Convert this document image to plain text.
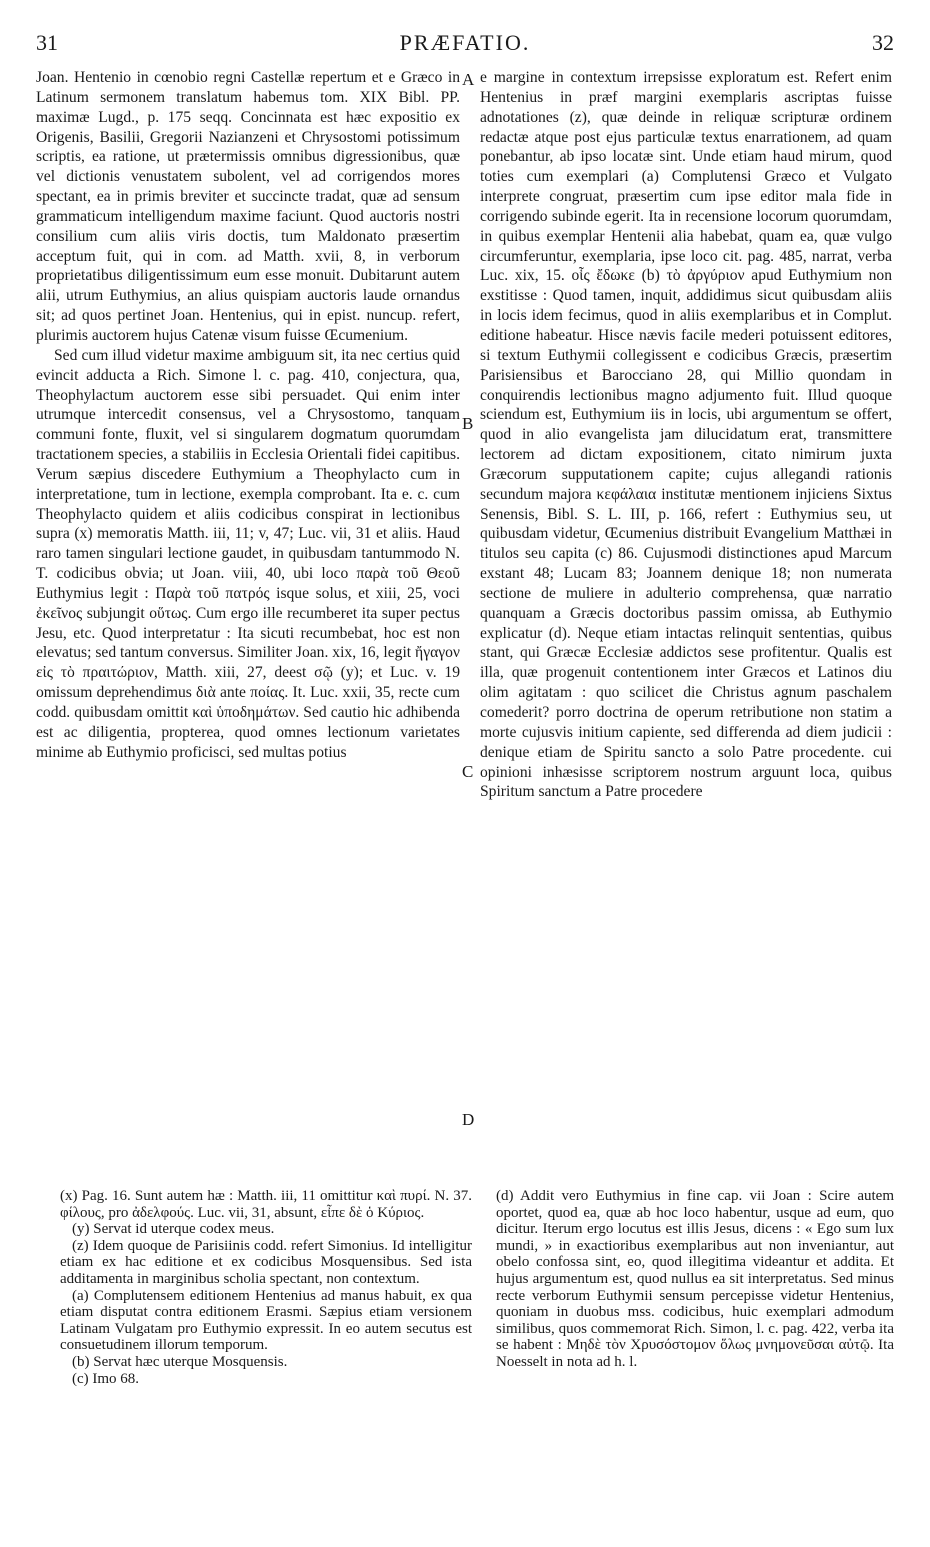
31	PRÆFATIO.	32

Joan. Hentenio in cœnobio regni Castellæ repertum et e Græco in Latinum sermonem translatum habemus tom. XIX Bibl. PP. maximæ Lugd., p. 175 seqq. Concinnata est hæc expositio ex Origenis, Basilii, Gregorii Nazianzeni et Chrysostomi potissimum scriptis, ea ratione, ut prætermissis omnibus digressionibus, quæ vel dictionis venustatem subolent, vel ad corrigendos mores spectant, ea in primis breviter et succincte tradat, quæ ad sensum grammaticum intelligendum maxime faciunt. Quod auctoris nostri consilium cum aliis viris doctis, tum Maldonato præsertim acceptum fuit, qui in com. ad Matth. xvii, 8, in verborum proprietatibus diligentissimum eum esse monuit. Dubitarunt autem alii, utrum Euthymius, an alius quispiam auctoris laude ornandus sit; ad quos pertinet Joan. Hentenius, qui in epist. nuncup. refert, plurimis auctorem hujus Catenæ visum fuisse Œcumenium.

Sed cum illud videtur maxime ambiguum sit, ita nec certius quid evincit adducta a Rich. Simone l. c. pag. 410, conjectura, qua, Theophylactum auctorem esse sibi persuadet. Qui enim inter utrumque intercedit consensus, vel a Chrysostomo, tanquam communi fonte, fluxit, vel si singularem dogmatum quorumdam tractationem species, a stabiliis in Ecclesia Orientali fidei capitibus. Verum sæpius discedere Euthymium a Theophylacto cum in interpretatione, tum in lectione, exempla comprobant. Ita e. c. cum Theophylacto quidem et aliis codicibus conspirat in lectionibus supra (x) memoratis Matth. iii, 11; v, 47; Luc. vii, 31 et aliis. Haud raro tamen singulari lectione gaudet, in quibusdam tantummodo N. T. codicibus obvia; ut Joan. viii, 40, ubi loco παρὰ τοῦ Θεοῦ Euthymius legit : Παρὰ τοῦ πατρός isque solus, et xiii, 25, voci ἐκεῖνος subjungit οὕτως. Cum ergo ille recumberet ita super pectus Jesu, etc. Quod interpretatur : Ita sicuti recumbebat, hoc est non elevatus; sed tantum conversus. Similiter Joan. xix, 16, legit ἤγαγον εἰς τὸ πραιτώριον, Matth. xiii, 27, deest σῷ (y); et Luc. v. 19 omissum deprehendimus διὰ ante ποίας. It. Luc. xxii, 35, recte cum codd. quibusdam omittit καὶ ὑποδημάτων. Sed cautio hic adhibenda est ac diligentia, propterea, quod omnes lectionum varietates minime ab Euthymio proficisci, sed multas potius

e margine in contextum irrepsisse exploratum est. Refert enim Hentenius in præf margini exemplaris ascriptas fuisse adnotationes (z), quæ deinde in reliquæ scripturæ ordinem redactæ atque post ejus particulæ textus enarrationem, ad quam ponebantur, ab ipso locatæ sint. Unde etiam haud mirum, quod toties cum exemplari (a) Complutensi Græco et Vulgato interprete congruat, præsertim cum ipse editor mala fide in corrigendo subinde egerit. Ita in recensione locorum quorumdam, in quibus exemplar Hentenii alia habebat, quam ea, quæ vulgo circumferuntur, exemplaria, ipse loco cit. pag. 485, narrat, verba Luc. xix, 15. οἷς ἔδωκε (b) τὸ ἀργύριον apud Euthymium non exstitisse : Quod tamen, inquit, addidimus sicut quibusdam aliis in locis idem fecimus, quod in aliis exemplaribus et in Complut. editione habeatur. Hisce nævis facile mederi potuissent editores, si textum Euthymii collegissent e codicibus Græcis, præsertim Parisiensibus et Barocciano 28, qui Millio quondam in conquirendis lectionibus magno adjumento fuit. Illud quoque sciendum est, Euthymium iis in locis, ubi argumentum se offert, quod in alio evangelista jam dilucidatum erat, transmittere lectorem ad dictam expositionem, citato nimirum juxta Græcorum supputationem capite; cujus allegandi rationis secundum majora κεφάλαια institutæ mentionem injiciens Sixtus Senensis, Bibl. S. L. III, p. 166, refert : Euthymius seu, ut quibusdam videtur, Œcumenius distribuit Evangelium Matthæi in titulos seu capita (c) 86. Cujusmodi distinctiones apud Marcum exstant 48; Lucam 83; Joannem denique 18; non numerata sectione de muliere in adulterio comprehensa, quæ narratio quanquam a Græcis doctoribus passim omissa, ab Euthymio explicatur (d). Neque etiam intactas relinquit sententias, quibus stant, qui Græcæ Ecclesiæ addictos sese profitentur. Qualis est illa, quæ progenuit contentionem inter Græcos et Latinos diu olim agitatam : quo scilicet die Christus agnum paschalem comederit? porro doctrina de operum retributione non statim a morte cujusvis initium capiente, sed differenda ad diem judicii : denique etiam de Spiritu sancto a solo Patre procedente. cui opinioni inhæsisse scriptorem nostrum arguunt loca, quibus Spiritum sanctum a Patre procedere

A
B
C
D

(x) Pag. 16. Sunt autem hæ : Matth. iii, 11 omittitur καὶ πυρί. N. 37. φίλους, pro ἀδελφούς. Luc. vii, 31, absunt, εἶπε δὲ ὁ Κύριος.

(y) Servat id uterque codex meus.

(z) Idem quoque de Parisiinis codd. refert Simonius. Id intelligitur etiam ex hac editione et ex codicibus Mosquensibus. Sed ista additamenta in marginibus scholia spectant, non contextum.

(a) Complutensem editionem Hentenius ad manus habuit, ex qua etiam disputat contra editionem Erasmi. Sæpius etiam versionem Latinam Vulgatam pro Euthymio expressit. In eo autem secutus est consuetudinem illorum temporum.

(b) Servat hæc uterque Mosquensis.

(c) Imo 68.

(d) Addit vero Euthymius in fine cap. vii Joan : Scire autem oportet, quod ea, quæ ab hoc loco habentur, usque ad eum, quo dicitur. Iterum ergo locutus est illis Jesus, dicens : « Ego sum lux mundi, » in exactioribus exemplaribus aut non inveniantur, aut obelo confossa sint, eo, quod illegitima videantur et addita. Et hujus argumentum est, quod nullus ea sit interpretatus. Sed minus recte verborum Euthymii sensum percepisse videtur Hentenius, quoniam in duobus mss. codicibus, huic exemplari admodum similibus, quos commemorat Rich. Simon, l. c. pag. 422, verba ita se habent : Μηδὲ τὸν Χρυσόστομον ὅλως μνημονεῦσαι αὐτῷ. Ita Noesselt in nota ad h. l.
